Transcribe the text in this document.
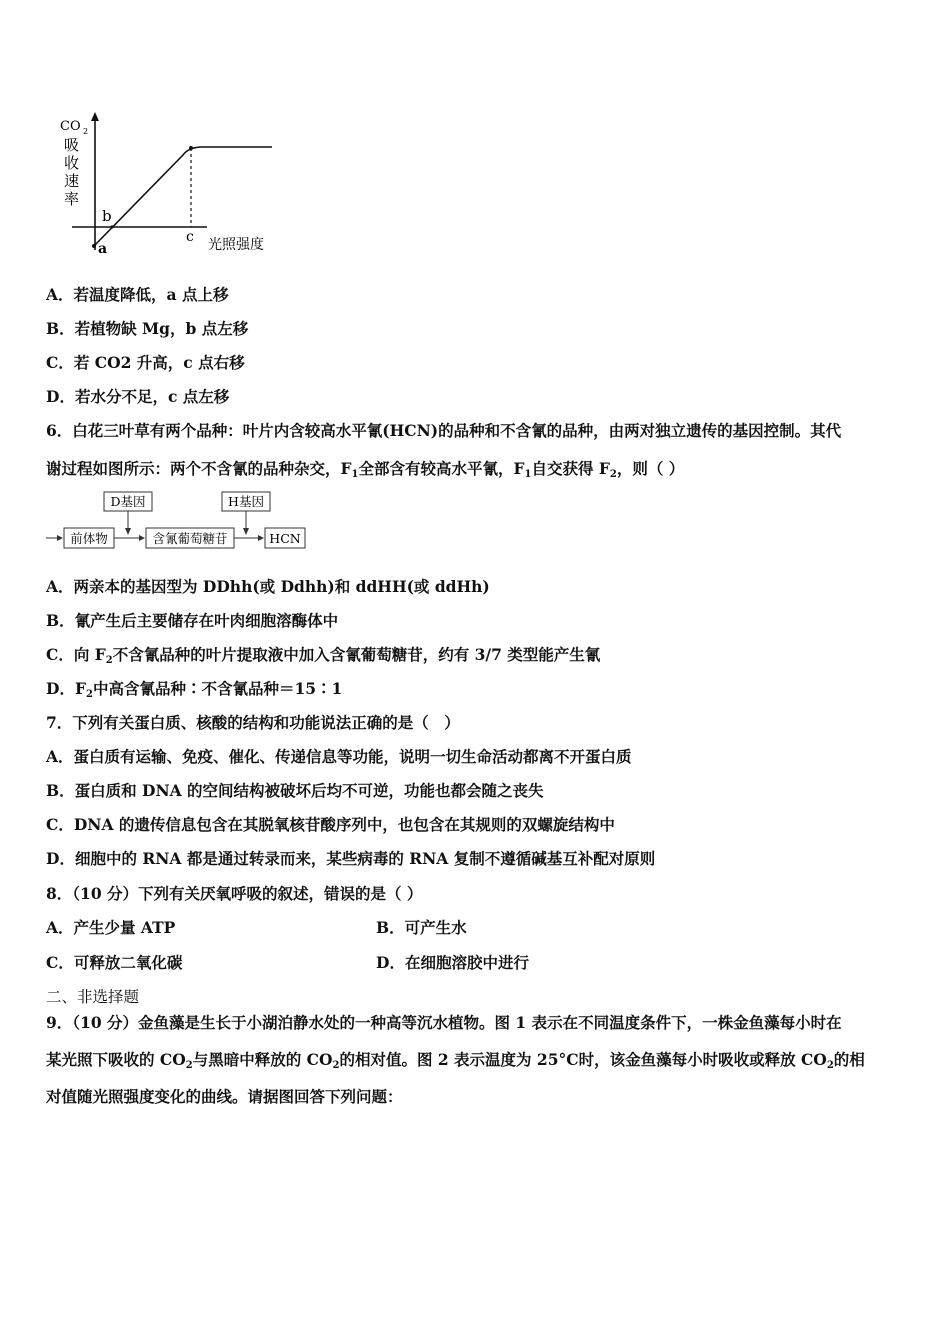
CO 2
吸
收
速
率
a
b
c 光照强度
A．若温度降低，a 点上移
B．若植物缺 Mg，b 点左移
C．若 CO2 升高，c 点右移
D．若水分不足，c 点左移
6．白花三叶草有两个品种：叶片内含较高水平氰(HCN)的品种和不含氰的品种，由两对独立遗传的基因控制。其代
谢过程如图所示：两个不含氰的品种杂交，$F_1$全部含有较高水平氰，$F_1$自交获得 $F_2$，则（ ）
D基因	H基因
前体物	含氰葡萄糖苷	HCN
A．两亲本的基因型为 DDhh(或 Ddhh)和 ddHH(或 ddHh)
B．氰产生后主要储存在叶肉细胞溶酶体中
C．向 $F_2$不含氰品种的叶片提取液中加入含氰葡萄糖苷，约有 3/7 类型能产生氰
D．$F_2$中高含氰品种∶不含氰品种＝15∶1
7．下列有关蛋白质、核酸的结构和功能说法正确的是（　）
A．蛋白质有运输、免疫、催化、传递信息等功能，说明一切生命活动都离不开蛋白质
B．蛋白质和 DNA 的空间结构被破坏后均不可逆，功能也都会随之丧失
C．DNA 的遗传信息包含在其脱氧核苷酸序列中，也包含在其规则的双螺旋结构中
D．细胞中的 RNA 都是通过转录而来，某些病毒的 RNA 复制不遵循碱基互补配对原则
8．（10 分）下列有关厌氧呼吸的叙述，错误的是（ ）
A．产生少量 ATP	B．可产生水
C．可释放二氧化碳	D．在细胞溶胶中进行
二、非选择题
9．（10 分）金鱼藻是生长于小湖泊静水处的一种高等沉水植物。图 1 表示在不同温度条件下，一株金鱼藻每小时在
某光照下吸收的 $CO_2$与黑暗中释放的 $CO_2$的相对值。图 2 表示温度为 25°C时，该金鱼藻每小时吸收或释放 $CO_2$的相
对值随光照强度变化的曲线。请据图回答下列问题：
